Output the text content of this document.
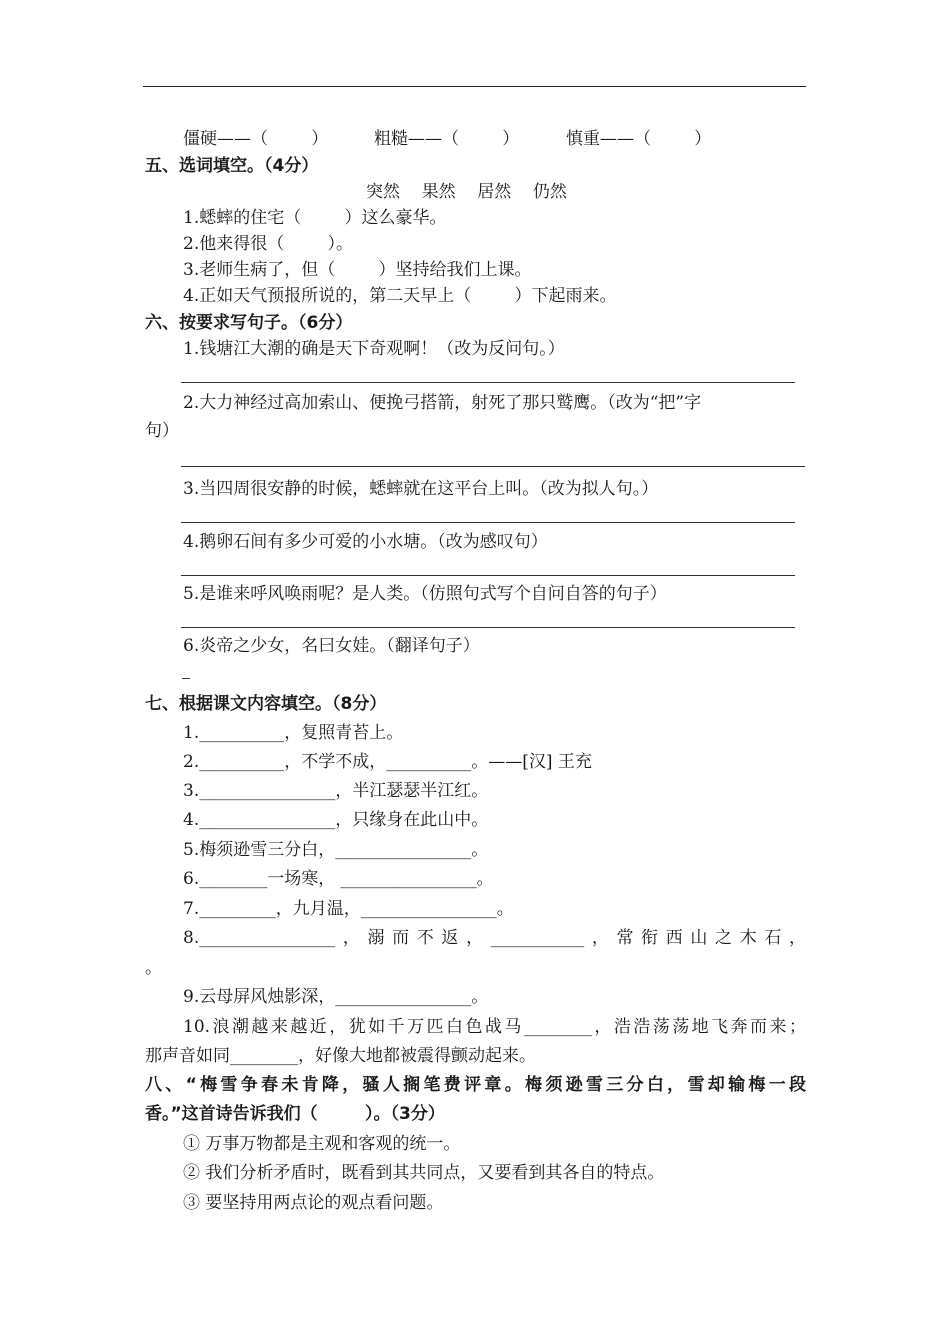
僵硬——（        ）	粗糙——（        ）	慎重——（        ）
五、选词填空。（4分）
突然    果然    居然    仍然
1.蟋蟀的住宅（        ）这么豪华。
2.他来得很（        ）。
3.老师生病了，但（        ）坚持给我们上课。
4.正如天气预报所说的，第二天早上（        ）下起雨来。
六、按要求写句子。（6分）
1.钱塘江大潮的确是天下奇观啊！（改为反问句。）
2.大力神经过高加索山、便挽弓搭箭，射死了那只鹫鹰。（改为“把”字
句）
3.当四周很安静的时候，蟋蟀就在这平台上叫。（改为拟人句。）
4.鹅卵石间有多少可爱的小水塘。（改为感叹句）
5.是谁来呼风唤雨呢？是人类。（仿照句式写个自问自答的句子）
6.炎帝之少女，名曰女娃。（翻译句子）
七、根据课文内容填空。（8分）
1.__________，复照青苔上。
2.__________，不学不成，__________。——[汉] 王充
3.________________，半江瑟瑟半江红。
4.________________，只缘身在此山中。
5.梅须逊雪三分白，________________。
6.________一场寒， ________________。
7._________，九月温，________________。
8.________________，溺而不返，___________，常衔西山之木石，
。
9.云母屏风烛影深，________________。
10.浪潮越来越近，犹如千万匹白色战马________，浩浩荡荡地飞奔而来；
那声音如同________，好像大地都被震得颤动起来。
八、“梅雪争春未肯降，骚人搁笔费评章。梅须逊雪三分白，雪却输梅一段
香。”这首诗告诉我们（        ）。（3分）
① 万事万物都是主观和客观的统一。
② 我们分析矛盾时，既看到其共同点，又要看到其各自的特点。
③ 要坚持用两点论的观点看问题。
